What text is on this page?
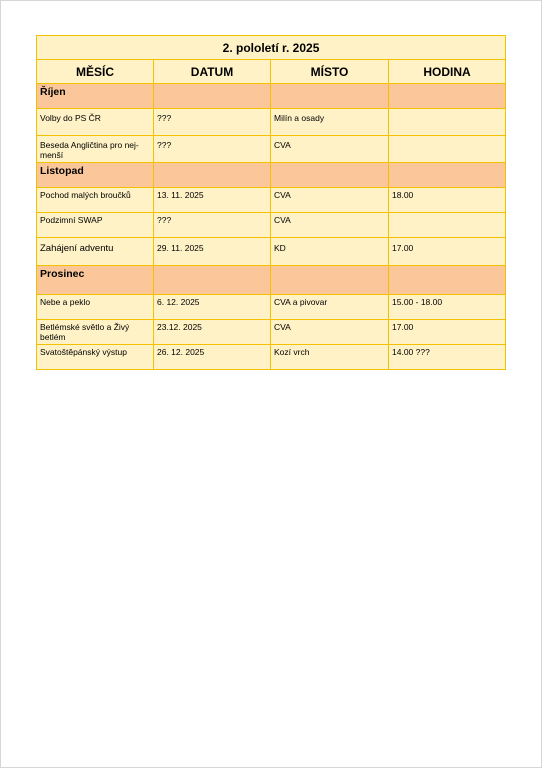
2. pololetí r. 2025			
MĚSÍC	DATUM	MÍSTO	HODINA
Říjen			
Volby do PS ČR	???	Milín a osady	
Beseda Angličtina pro nej-menší	???	CVA	
Listopad			
Pochod malých broučků	13. 11. 2025	CVA	18.00
Podzimní SWAP	???	CVA	
Zahájení adventu	29. 11. 2025	KD	17.00
Prosinec			
Nebe a peklo	6. 12. 2025	CVA a pivovar	15.00 - 18.00
Betlémské světlo a Živý betlém	23.12. 2025	CVA	17.00
Svatoštěpánský výstup	26. 12. 2025	Kozí vrch	14.00 ???
